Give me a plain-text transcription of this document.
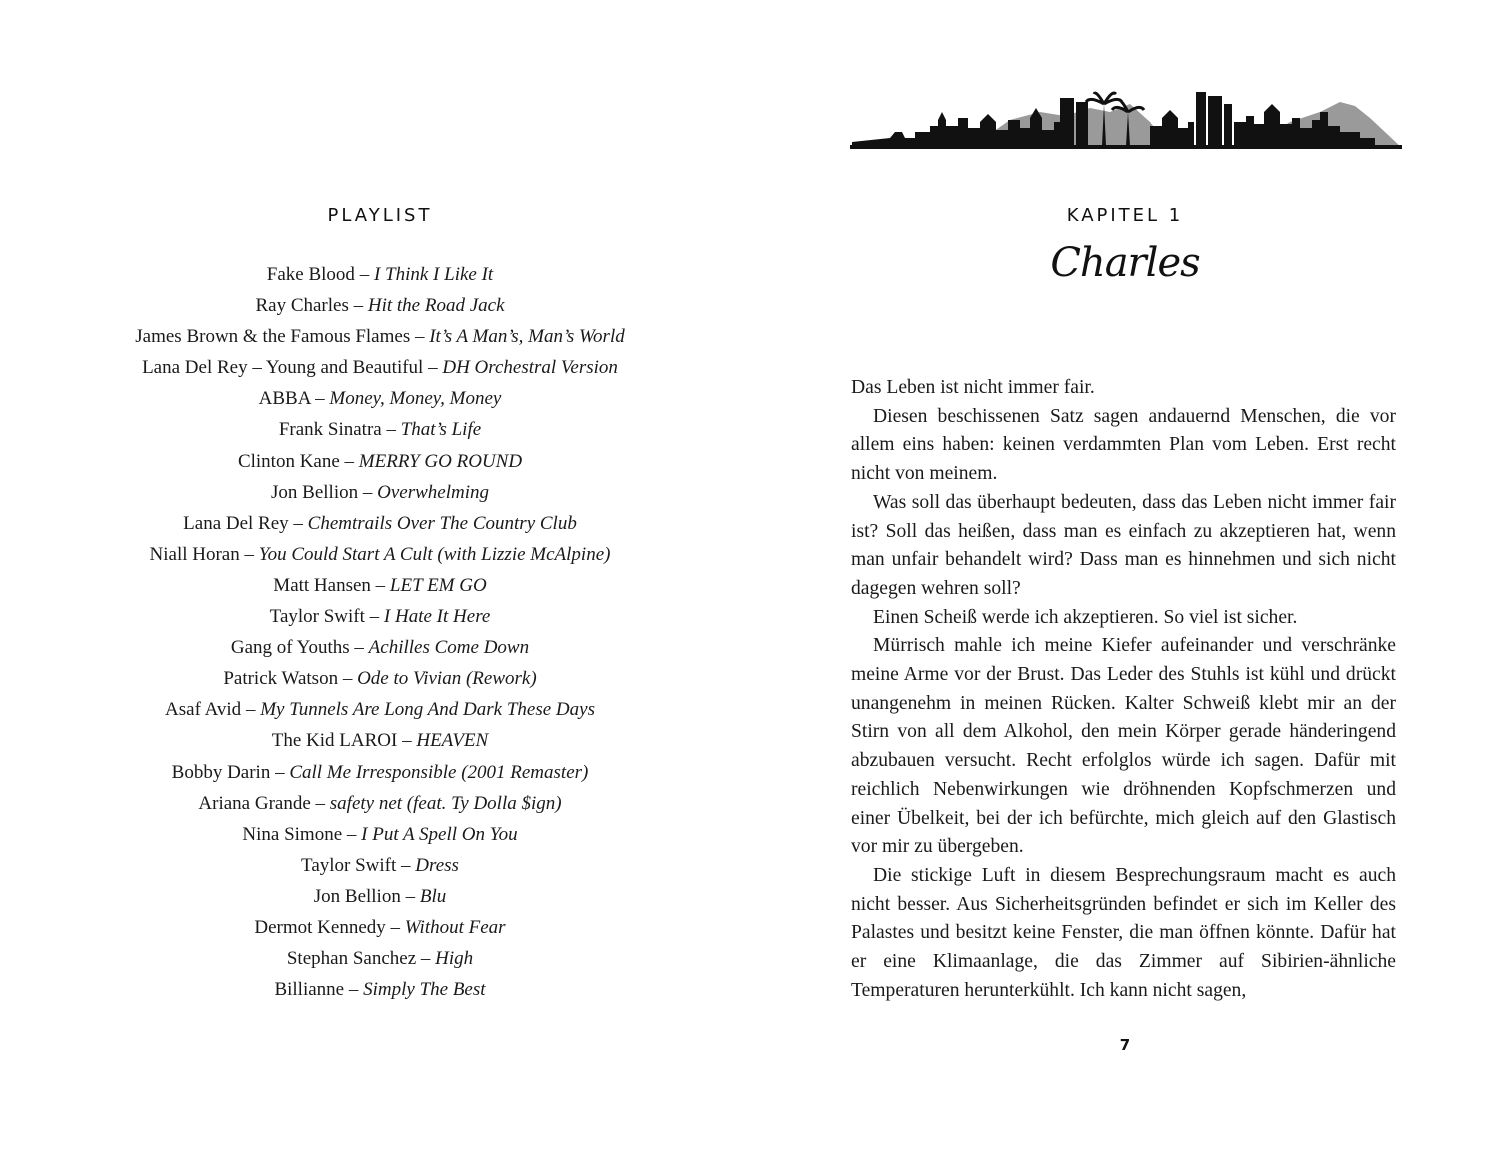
PLAYLIST
Fake Blood – I Think I Like It
Ray Charles – Hit the Road Jack
James Brown & the Famous Flames – It’s A Man’s, Man’s World
Lana Del Rey – Young and Beautiful – DH Orchestral Version
ABBA – Money, Money, Money
Frank Sinatra – That’s Life
Clinton Kane – MERRY GO ROUND
Jon Bellion – Overwhelming
Lana Del Rey – Chemtrails Over The Country Club
Niall Horan – You Could Start A Cult (with Lizzie McAlpine)
Matt Hansen – LET EM GO
Taylor Swift – I Hate It Here
Gang of Youths – Achilles Come Down
Patrick Watson – Ode to Vivian (Rework)
Asaf Avid – My Tunnels Are Long And Dark These Days
The Kid LAROI – HEAVEN
Bobby Darin – Call Me Irresponsible (2001 Remaster)
Ariana Grande – safety net (feat. Ty Dolla $ign)
Nina Simone – I Put A Spell On You
Taylor Swift – Dress
Jon Bellion – Blu
Dermot Kennedy – Without Fear
Stephan Sanchez – High
Billianne – Simply The Best
KAPITEL 1
Charles

Das Leben ist nicht immer fair.

Diesen beschissenen Satz sagen andauernd Menschen, die vor allem eins haben: keinen verdammten Plan vom Leben. Erst recht nicht von meinem.

Was soll das überhaupt bedeuten, dass das Leben nicht immer fair ist? Soll das heißen, dass man es einfach zu akzeptieren hat, wenn man unfair behandelt wird? Dass man es hinnehmen und sich nicht dagegen wehren soll?

Einen Scheiß werde ich akzeptieren. So viel ist sicher.

Mürrisch mahle ich meine Kiefer aufeinander und verschränke meine Arme vor der Brust. Das Leder des Stuhls ist kühl und drückt unangenehm in meinen Rücken. Kalter Schweiß klebt mir an der Stirn von all dem Alkohol, den mein Körper gerade händeringend abzubauen versucht. Recht erfolglos würde ich sagen. Dafür mit reichlich Nebenwirkungen wie dröhnenden Kopfschmerzen und einer Übelkeit, bei der ich befürchte, mich gleich auf den Glastisch vor mir zu übergeben.

Die stickige Luft in diesem Besprechungsraum macht es auch nicht besser. Aus Sicherheitsgründen befindet er sich im Keller des Palastes und besitzt keine Fenster, die man öffnen könnte. Dafür hat er eine Klimaanlage, die das Zimmer auf Sibirien-ähnliche Temperaturen herunterkühlt. Ich kann nicht sagen,

7
